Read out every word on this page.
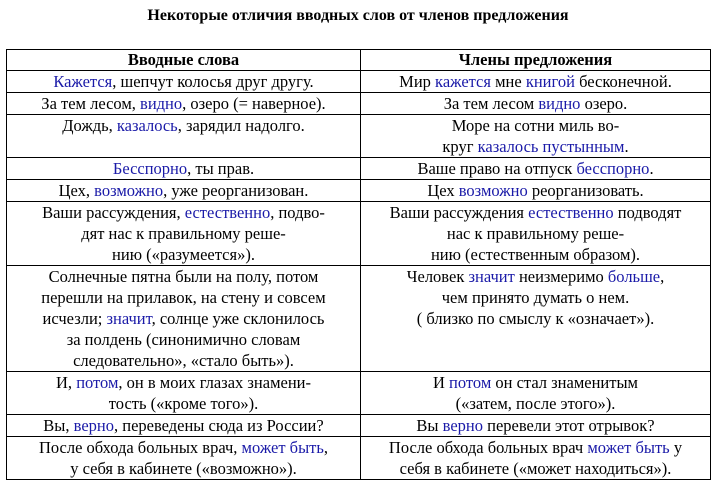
Некоторые отличия вводных слов от членов предложения
Вводные слова	Члены предложения

Кажется, шепчут колосья друг другу.	Мир кажется мне книгой бесконечной.

За тем лесом, видно, озеро (= наверное).	За тем лесом видно озеро.

Дождь, казалось, зарядил надолго.	Море на сотни миль во-
круг казалось пустынным.

Бесспорно, ты прав.	Ваше право на отпуск бесспорно.

Цех, возможно, уже реорганизован.	Цех возможно реорганизовать.

Ваши рассуждения, естественно, подво-
дят нас к правильному реше-
нию («разумеется»).	Ваши рассуждения естественно подводят
нас к правильному реше-
нию (естественным образом).

Солнечные пятна были на полу, потом
перешли на прилавок, на стену и совсем
исчезли; значит, солнце уже склонилось
за полдень (синонимично словам
следовательно», «стало быть»).	Человек значит неизмеримо больше,
чем принято думать о нем.
( близко по смыслу к «означает»).

И, потом, он в моих глазах знамени-
тость («кроме того»).	И потом он стал знаменитым
(«затем, после этого»).

Вы, верно, переведены сюда из России?	Вы верно перевели этот отрывок?

После обхода больных врач, может быть,
у себя в кабинете («возможно»).	После обхода больных врач может быть у
себя в кабинете («может находиться»).
